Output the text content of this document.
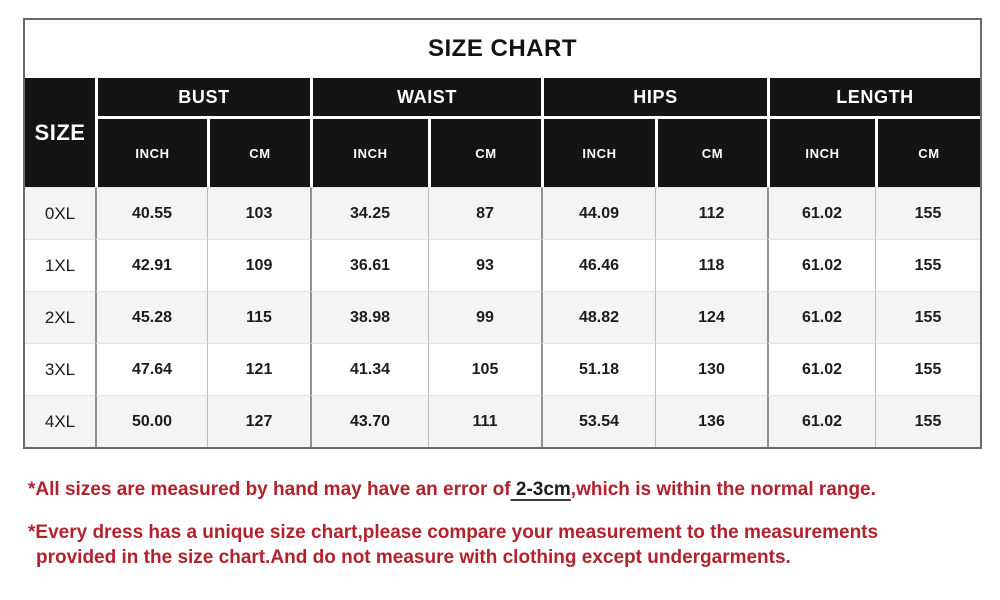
SIZE CHART
SIZE
BUST	WAIST	HIPS	LENGTH
INCH	CM	INCH	CM	INCH	CM	INCH	CM
0XL	40.55	103	34.25	87	44.09	112	61.02	155
1XL	42.91	109	36.61	93	46.46	118	61.02	155
2XL	45.28	115	38.98	99	48.82	124	61.02	155
3XL	47.64	121	41.34	105	51.18	130	61.02	155
4XL	50.00	127	43.70	111	53.54	136	61.02	155
*All sizes are measured by hand may have an error of 2-3cm,which is within the normal range.
*Every dress has a unique size chart,please compare your measurement to the measurements
provided in the size chart.And do not measure with clothing except undergarments.
